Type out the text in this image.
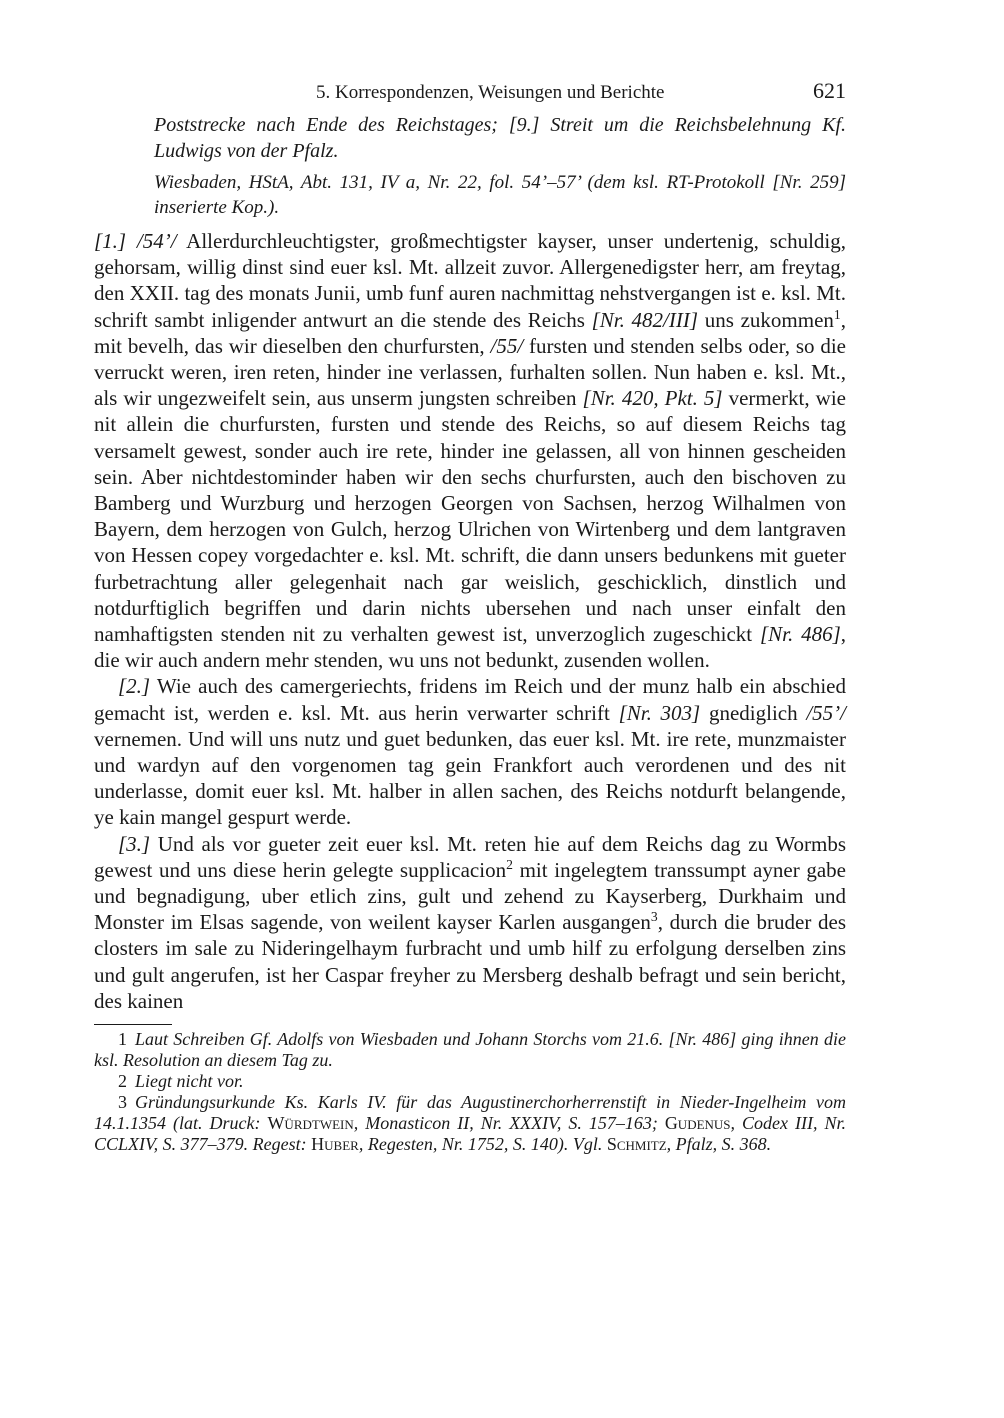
5. Korrespondenzen, Weisungen und Berichte	621

Poststrecke nach Ende des Reichstages; [9.] Streit um die Reichsbelehnung Kf. Ludwigs von der Pfalz.

Wiesbaden, HStA, Abt. 131, IV a, Nr. 22, fol. 54’–57’ (dem ksl. RT-Protokoll [Nr. 259] inserierte Kop.).

[1.] /54’/ Allerdurchleuchtigster, großmechtigster kayser, unser undertenig, schuldig, gehorsam, willig dinst sind euer ksl. Mt. allzeit zuvor. Allergenedigster herr, am freytag, den XXII. tag des monats Junii, umb funf auren nachmittag nehstvergangen ist e. ksl. Mt. schrift sambt inligender antwurt an die stende des Reichs [Nr. 482/III] uns zukommen$^1$, mit bevelh, das wir dieselben den churfursten, /55/ fursten und stenden selbs oder, so die verruckt weren, iren reten, hinder ine verlassen, furhalten sollen. Nun haben e. ksl. Mt., als wir ungezweifelt sein, aus unserm jungsten schreiben [Nr. 420, Pkt. 5] vermerkt, wie nit allein die churfursten, fursten und stende des Reichs, so auf diesem Reichs tag versamelt gewest, sonder auch ire rete, hinder ine gelassen, all von hinnen gescheiden sein. Aber nichtdestominder haben wir den sechs churfursten, auch den bischoven zu Bamberg und Wurzburg und herzogen Georgen von Sachsen, herzog Wilhalmen von Bayern, dem herzogen von Gulch, herzog Ulrichen von Wirtenberg und dem lantgraven von Hessen copey vorgedachter e. ksl. Mt. schrift, die dann unsers bedunkens mit gueter furbetrachtung aller gelegenhait nach gar weislich, geschicklich, dinstlich und notdurftiglich begriffen und darin nichts ubersehen und nach unser einfalt den namhaftigsten stenden nit zu verhalten gewest ist, unverzoglich zugeschickt [Nr. 486], die wir auch andern mehr stenden, wu uns not bedunkt, zusenden wollen.

[2.] Wie auch des camergeriechts, fridens im Reich und der munz halb ein abschied gemacht ist, werden e. ksl. Mt. aus herin verwarter schrift [Nr. 303] gnediglich /55’/ vernemen. Und will uns nutz und guet bedunken, das euer ksl. Mt. ire rete, munzmaister und wardyn auf den vorgenomen tag gein Frankfort auch verordenen und des nit underlasse, domit euer ksl. Mt. halber in allen sachen, des Reichs notdurft belangende, ye kain mangel gespurt werde.

[3.] Und als vor gueter zeit euer ksl. Mt. reten hie auf dem Reichs dag zu Wormbs gewest und uns diese herin gelegte supplicacion$^2$ mit ingelegtem transsumpt ayner gabe und begnadigung, uber etlich zins, gult und zehend zu Kayserberg, Durkhaim und Monster im Elsas sagende, von weilent kayser Karlen ausgangen$^3$, durch die bruder des closters im sale zu Nideringelhaym furbracht und umb hilf zu erfolgung derselben zins und gult angerufen, ist her Caspar freyher zu Mersberg deshalb befragt und sein bericht, des kainen

1 Laut Schreiben Gf. Adolfs von Wiesbaden und Johann Storchs vom 21.6. [Nr. 486] ging ihnen die ksl. Resolution an diesem Tag zu.

2 Liegt nicht vor.

3 Gründungsurkunde Ks. Karls IV. für das Augustinerchorherrenstift in Nieder-Ingelheim vom 14.1.1354 (lat. Druck: Würdtwein, Monasticon II, Nr. XXXIV, S. 157–163; Gudenus, Codex III, Nr. CCLXIV, S. 377–379. Regest: Huber, Regesten, Nr. 1752, S. 140). Vgl. Schmitz, Pfalz, S. 368.
